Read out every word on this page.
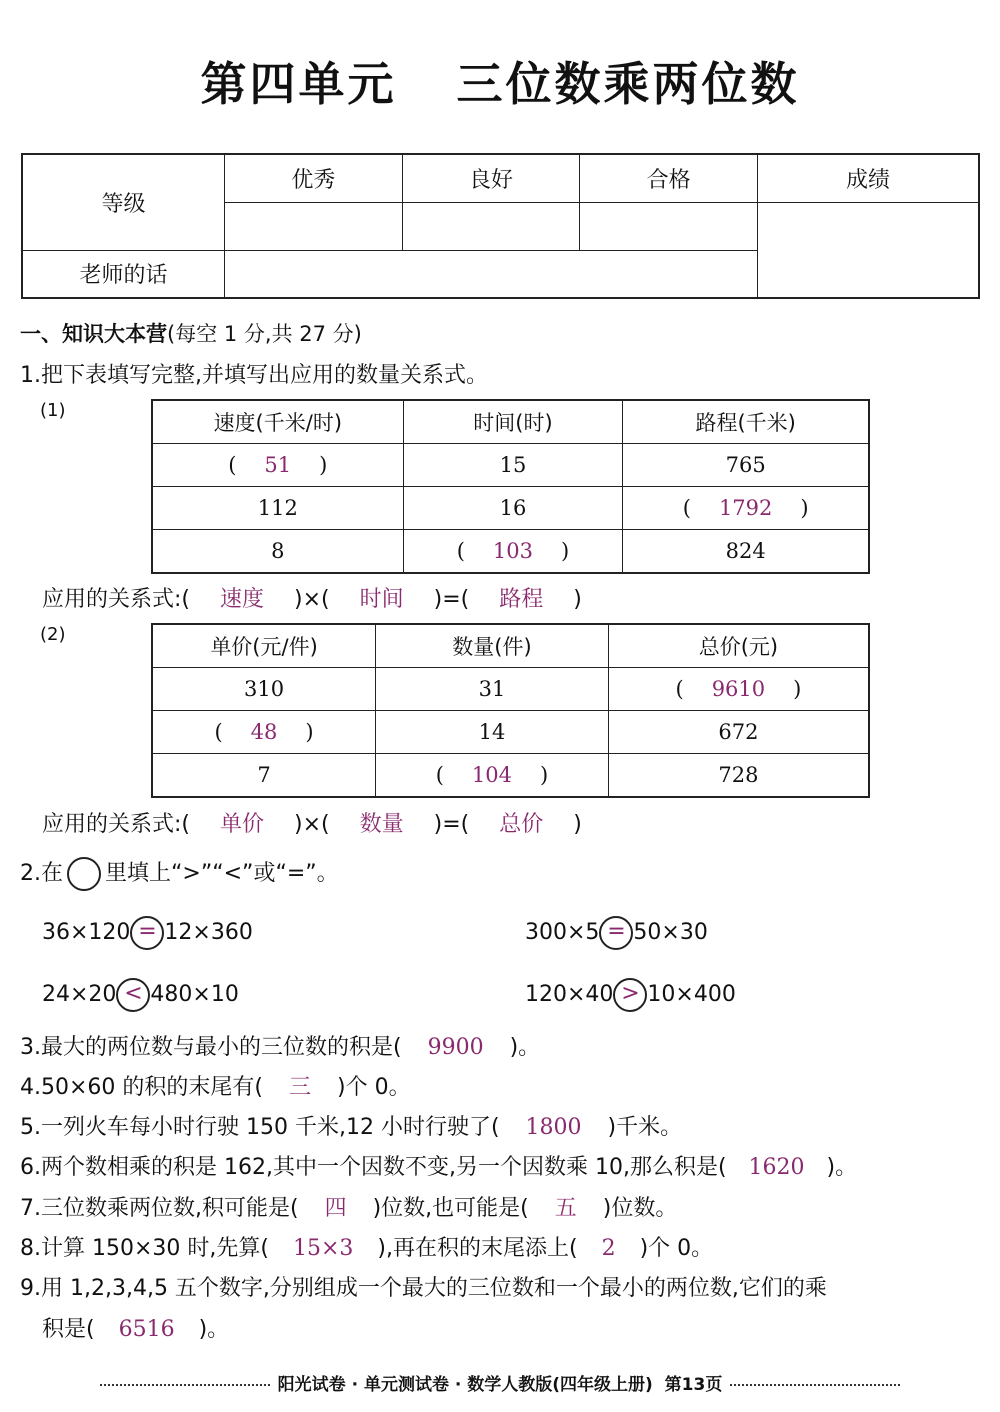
第四单元 三位数乘两位数
等级	优秀	良好	合格	成绩

老师的话				
一、知识大本营(每空 1 分,共 27 分)
1.把下表填写完整,并填写出应用的数量关系式。
(1)
速度(千米/时)	时间(时)	路程(千米)
( 51 )	15	765
112	16	( 1792 )
8	( 103 )	824
应用的关系式:( 速度 )×( 时间 )=( 路程 )
(2)
单价(元/件)	数量(件)	总价(元)
310	31	( 9610 )
( 48 )	14	672
7	( 104 )	728
应用的关系式:( 单价 )×( 数量 )=( 总价 )
2.在 里填上“>”“<”或“=”。
36×120 = 12×360	300×5 = 50×30
24×20 < 480×10	120×40 > 10×400
3.最大的两位数与最小的三位数的积是( 9900 )。
4.50×60 的积的末尾有( 三 )个 0。
5.一列火车每小时行驶 150 千米,12 小时行驶了( 1800 )千米。
6.两个数相乘的积是 162,其中一个因数不变,另一个因数乘 10,那么积是( 1620 )。
7.三位数乘两位数,积可能是( 四 )位数,也可能是( 五 )位数。
8.计算 150×30 时,先算( 15×3 ),再在积的末尾添上( 2 )个 0。
9.用 1,2,3,4,5 五个数字,分别组成一个最大的三位数和一个最小的两位数,它们的乘
积是( 6516 )。
阳光试卷 · 单元测试卷 · 数学人教版(四年级上册) 第13页
